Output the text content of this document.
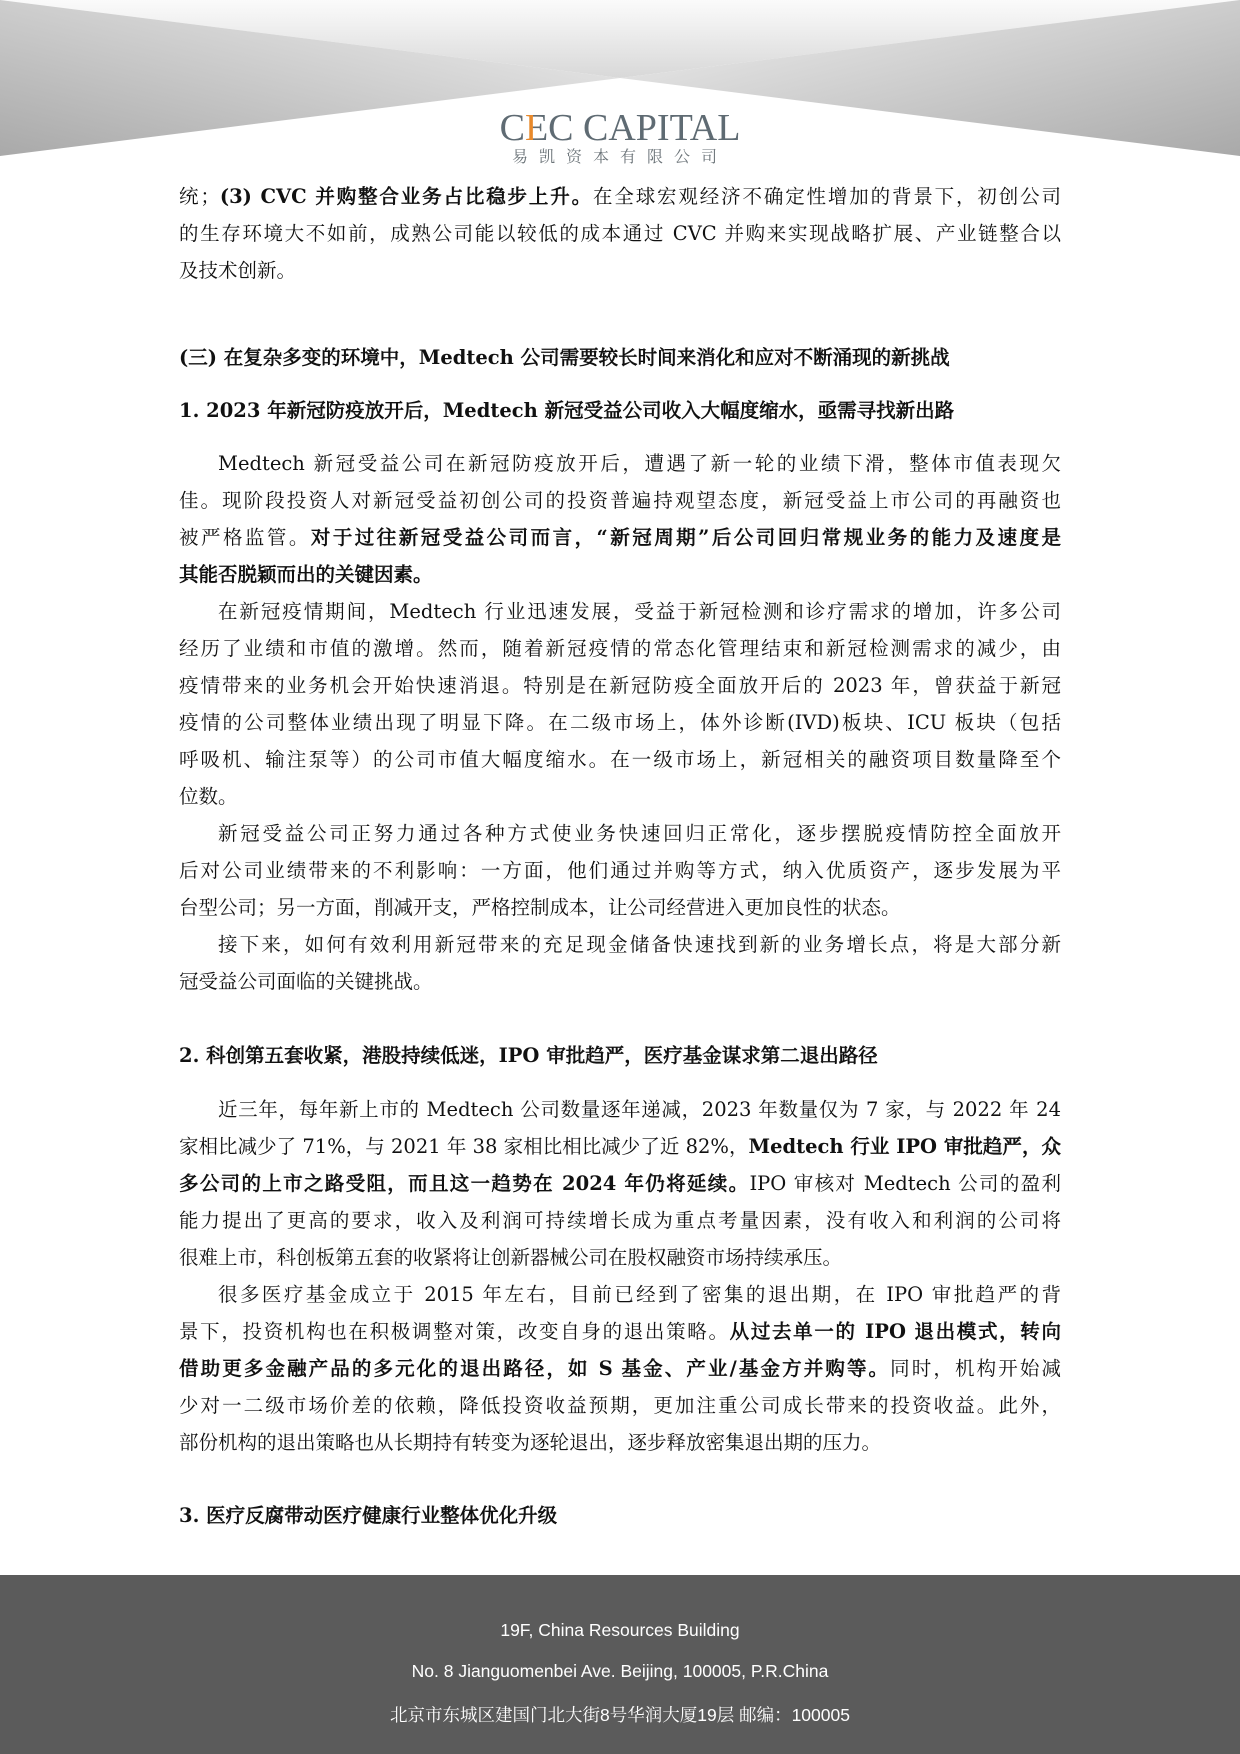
CEC CAPITAL
易凯资本有限公司
统；(3) CVC 并购整合业务占比稳步上升。在全球宏观经济不确定性增加的背景下，初创公司
的生存环境大不如前，成熟公司能以较低的成本通过 CVC 并购来实现战略扩展、产业链整合以
及技术创新。
(三) 在复杂多变的环境中，Medtech 公司需要较长时间来消化和应对不断涌现的新挑战
1. 2023 年新冠防疫放开后，Medtech 新冠受益公司收入大幅度缩水，亟需寻找新出路
Medtech 新冠受益公司在新冠防疫放开后，遭遇了新一轮的业绩下滑，整体市值表现欠
佳。现阶段投资人对新冠受益初创公司的投资普遍持观望态度，新冠受益上市公司的再融资也
被严格监管。对于过往新冠受益公司而言，“新冠周期”后公司回归常规业务的能力及速度是
其能否脱颖而出的关键因素。
在新冠疫情期间，Medtech 行业迅速发展，受益于新冠检测和诊疗需求的增加，许多公司
经历了业绩和市值的激增。然而，随着新冠疫情的常态化管理结束和新冠检测需求的减少，由
疫情带来的业务机会开始快速消退。特别是在新冠防疫全面放开后的 2023 年，曾获益于新冠
疫情的公司整体业绩出现了明显下降。在二级市场上，体外诊断(IVD)板块、ICU 板块（包括
呼吸机、输注泵等）的公司市值大幅度缩水。在一级市场上，新冠相关的融资项目数量降至个
位数。
新冠受益公司正努力通过各种方式使业务快速回归正常化，逐步摆脱疫情防控全面放开
后对公司业绩带来的不利影响：一方面，他们通过并购等方式，纳入优质资产，逐步发展为平
台型公司；另一方面，削减开支，严格控制成本，让公司经营进入更加良性的状态。
接下来，如何有效利用新冠带来的充足现金储备快速找到新的业务增长点，将是大部分新
冠受益公司面临的关键挑战。
2. 科创第五套收紧，港股持续低迷，IPO 审批趋严，医疗基金谋求第二退出路径
近三年，每年新上市的 Medtech 公司数量逐年递减，2023 年数量仅为 7 家，与 2022 年 24
家相比减少了 71%，与 2021 年 38 家相比相比减少了近 82%，Medtech 行业 IPO 审批趋严，众
多公司的上市之路受阻，而且这一趋势在 2024 年仍将延续。IPO 审核对 Medtech 公司的盈利
能力提出了更高的要求，收入及利润可持续增长成为重点考量因素，没有收入和利润的公司将
很难上市，科创板第五套的收紧将让创新器械公司在股权融资市场持续承压。
很多医疗基金成立于 2015 年左右，目前已经到了密集的退出期，在 IPO 审批趋严的背
景下，投资机构也在积极调整对策，改变自身的退出策略。从过去单一的 IPO 退出模式，转向
借助更多金融产品的多元化的退出路径，如 S 基金、产业/基金方并购等。同时，机构开始减
少对一二级市场价差的依赖，降低投资收益预期，更加注重公司成长带来的投资收益。此外，
部份机构的退出策略也从长期持有转变为逐轮退出，逐步释放密集退出期的压力。
3. 医疗反腐带动医疗健康行业整体优化升级
19F, China Resources Building
No. 8 Jianguomenbei Ave. Beijing, 100005, P.R.China
北京市东城区建国门北大街8号华润大厦19层 邮编：100005
